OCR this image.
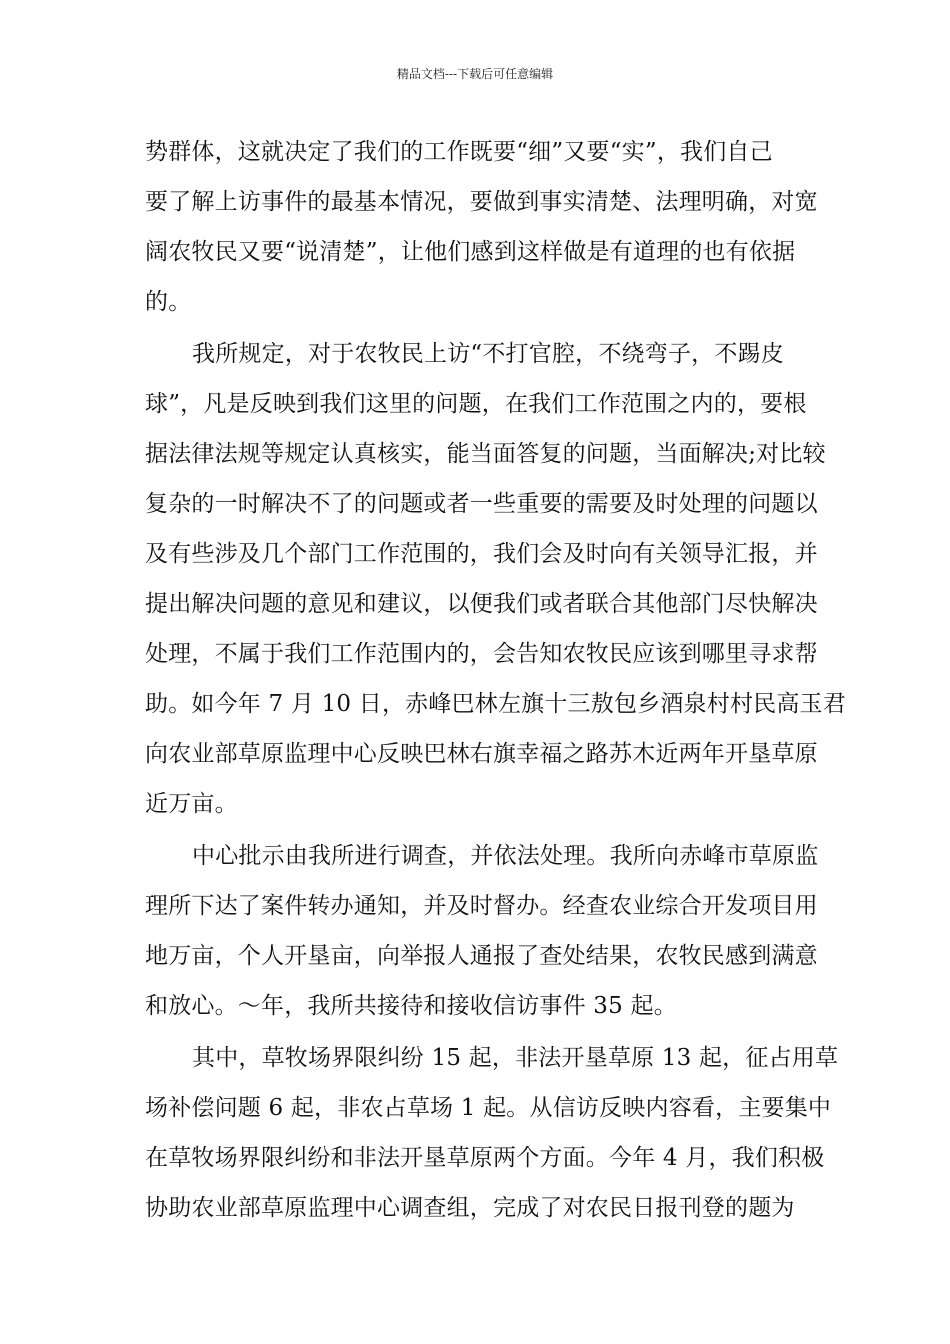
精品文档---下载后可任意编辑
势群体，这就决定了我们的工作既要“细”又要“实”，我们自己
要了解上访事件的最基本情况，要做到事实清楚、法理明确，对宽
阔农牧民又要“说清楚”，让他们感到这样做是有道理的也有依据
的。
我所规定，对于农牧民上访“不打官腔，不绕弯子，不踢皮
球”，凡是反映到我们这里的问题，在我们工作范围之内的，要根
据法律法规等规定认真核实，能当面答复的问题，当面解决;对比较
复杂的一时解决不了的问题或者一些重要的需要及时处理的问题以
及有些涉及几个部门工作范围的，我们会及时向有关领导汇报，并
提出解决问题的意见和建议，以便我们或者联合其他部门尽快解决
处理，不属于我们工作范围内的，会告知农牧民应该到哪里寻求帮
助。如今年 7 月 10 日，赤峰巴林左旗十三敖包乡酒泉村村民高玉君
向农业部草原监理中心反映巴林右旗幸福之路苏木近两年开垦草原
近万亩。
中心批示由我所进行调查，并依法处理。我所向赤峰市草原监
理所下达了案件转办通知，并及时督办。经查农业综合开发项目用
地万亩，个人开垦亩，向举报人通报了查处结果，农牧民感到满意
和放心。～年，我所共接待和接收信访事件 35 起。
其中，草牧场界限纠纷 15 起，非法开垦草原 13 起，征占用草
场补偿问题 6 起，非农占草场 1 起。从信访反映内容看，主要集中
在草牧场界限纠纷和非法开垦草原两个方面。今年 4 月，我们积极
协助农业部草原监理中心调查组，完成了对农民日报刊登的题为
